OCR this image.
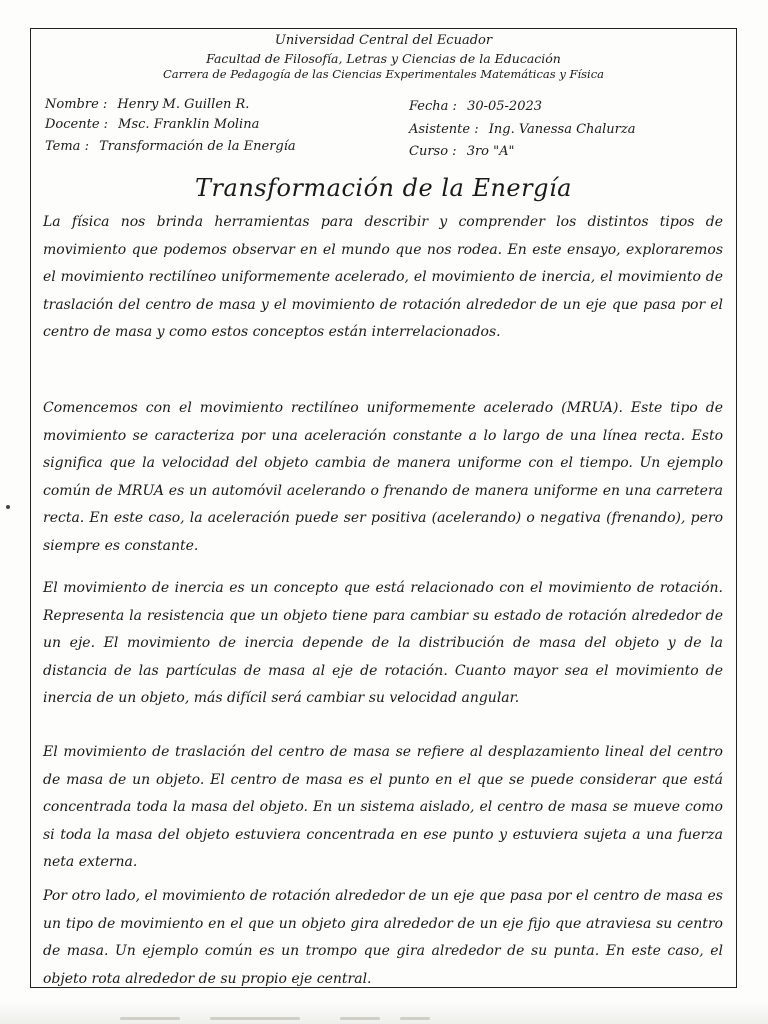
Universidad Central del Ecuador
Facultad de Filosofía, Letras y Ciencias de la Educación
Carrera de Pedagogía de las Ciencias Experimentales Matemáticas y Física
Nombre : Henry M. Guillen R.
Docente : Msc. Franklin Molina
Tema : Transformación de la Energía
Fecha : 30-05-2023
Asistente : Ing. Vanessa Chalurza
Curso : 3ro "A"
Transformación de la Energía

La física nos brinda herramientas para describir y comprender los distintos tipos de movimiento que podemos observar en el mundo que nos rodea. En este ensayo, exploraremos el movimiento rectilíneo uniformemente acelerado, el movimiento de inercia, el movimiento de traslación del centro de masa y el movimiento de rotación alrededor de un eje que pasa por el centro de masa y como estos conceptos están interrelacionados.

Comencemos con el movimiento rectilíneo uniformemente acelerado (MRUA). Este tipo de movimiento se caracteriza por una aceleración constante a lo largo de una línea recta. Esto significa que la velocidad del objeto cambia de manera uniforme con el tiempo. Un ejemplo común de MRUA es un automóvil acelerando o frenando de manera uniforme en una carretera recta. En este caso, la aceleración puede ser positiva (acelerando) o negativa (frenando), pero siempre es constante.

El movimiento de inercia es un concepto que está relacionado con el movimiento de rotación. Representa la resistencia que un objeto tiene para cambiar su estado de rotación alrededor de un eje. El movimiento de inercia depende de la distribución de masa del objeto y de la distancia de las partículas de masa al eje de rotación. Cuanto mayor sea el movimiento de inercia de un objeto, más difícil será cambiar su velocidad angular.

El movimiento de traslación del centro de masa se refiere al desplazamiento lineal del centro de masa de un objeto. El centro de masa es el punto en el que se puede considerar que está concentrada toda la masa del objeto. En un sistema aislado, el centro de masa se mueve como si toda la masa del objeto estuviera concentrada en ese punto y estuviera sujeta a una fuerza neta externa.

Por otro lado, el movimiento de rotación alrededor de un eje que pasa por el centro de masa es un tipo de movimiento en el que un objeto gira alrededor de un eje fijo que atraviesa su centro de masa. Un ejemplo común es un trompo que gira alrededor de su punta. En este caso, el objeto rota alrededor de su propio eje central.
